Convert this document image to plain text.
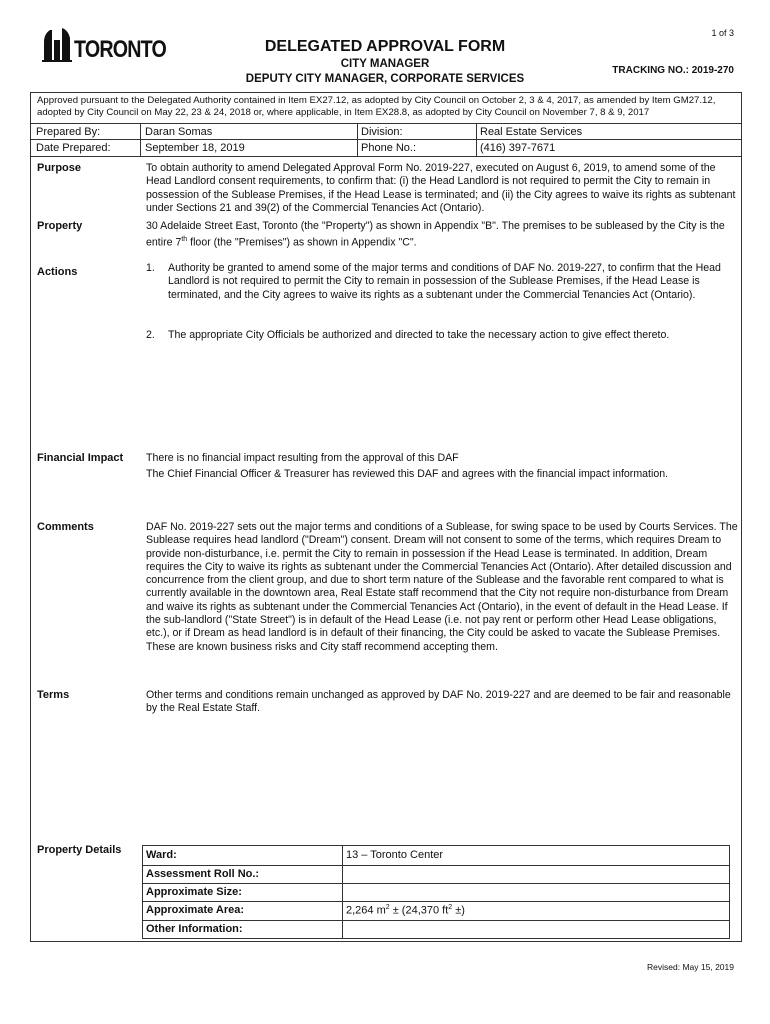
1 of 3
TORONTO	DELEGATED APPROVAL FORM
CITY MANAGER
DEPUTY CITY MANAGER, CORPORATE SERVICES
TRACKING NO.: 2019-270
Approved pursuant to the Delegated Authority contained in Item EX27.12, as adopted by City Council on October 2, 3 & 4, 2017, as amended by Item GM27.12, adopted by City Council on May 22, 23 & 24, 2018 or, where applicable, in Item EX28.8, as adopted by City Council on November 7, 8 & 9, 2017
Prepared By:	Daran Somas	Division:	Real Estate Services
Date Prepared:	September 18, 2019	Phone No.:	(416) 397-7671
Purpose	To obtain authority to amend Delegated Approval Form No. 2019-227, executed on August 6, 2019, to amend some of the Head Landlord consent requirements, to confirm that: (i) the Head Landlord is not required to permit the City to remain in possession of the Sublease Premises, if the Head Lease is terminated; and (ii) the City agrees to waive its rights as subtenant under Sections 21 and 39(2) of the Commercial Tenancies Act (Ontario).
Property	30 Adelaide Street East, Toronto (the "Property") as shown in Appendix "B". The premises to be subleased by the City is the entire 7th floor (the "Premises") as shown in Appendix "C".
Actions	1. Authority be granted to amend some of the major terms and conditions of DAF No. 2019-227, to confirm that the Head Landlord is not required to permit the City to remain in possession of the Sublease Premises, if the Head Lease is terminated, and the City agrees to waive its rights as a subtenant under the Commercial Tenancies Act (Ontario).
2. The appropriate City Officials be authorized and directed to take the necessary action to give effect thereto.
Financial Impact There is no financial impact resulting from the approval of this DAF
The Chief Financial Officer & Treasurer has reviewed this DAF and agrees with the financial impact information.
Comments	DAF No. 2019-227 sets out the major terms and conditions of a Sublease, for swing space to be used by Courts Services. The Sublease requires head landlord ("Dream") consent. Dream will not consent to some of the terms, which requires Dream to provide non-disturbance, i.e. permit the City to remain in possession if the Head Lease is terminated. In addition, Dream requires the City to waive its rights as subtenant under the Commercial Tenancies Act (Ontario). After detailed discussion and concurrence from the client group, and due to short term nature of the Sublease and the favorable rent compared to what is currently available in the downtown area, Real Estate staff recommend that the City not require non-disturbance from Dream and waive its rights as subtenant under the Commercial Tenancies Act (Ontario), in the event of default in the Head Lease. If the sub-landlord ("State Street") is in default of the Head Lease (i.e. not pay rent or perform other Head Lease obligations, etc.), or if Dream as head landlord is in default of their financing, the City could be asked to vacate the Sublease Premises. These are known business risks and City staff recommend accepting them.
Terms	Other terms and conditions remain unchanged as approved by DAF No. 2019-227 and are deemed to be fair and reasonable by the Real Estate Staff.
Property Details Ward:	13 – Toronto Center
Assessment Roll No.:
Approximate Size:
Approximate Area:	2,264 $m^2 \pm (24,370$ $ft^2$ ±)
Other Information:
Revised: May 15, 2019
